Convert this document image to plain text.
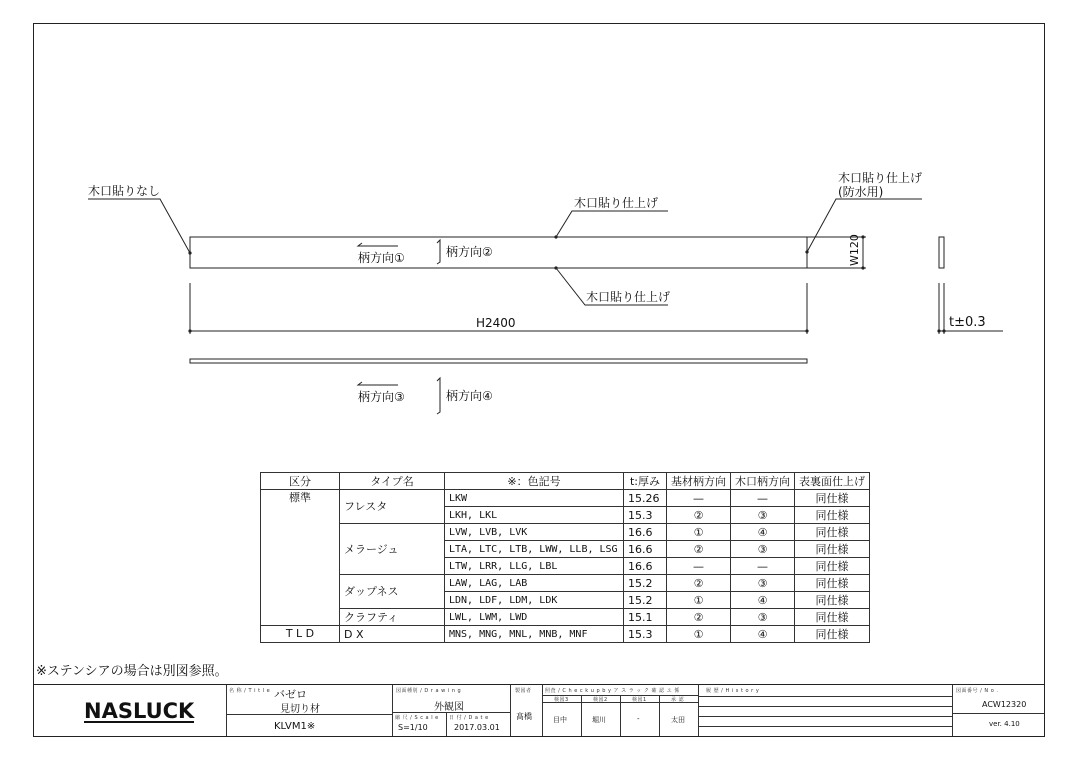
木口貼りなし
木口貼り仕上げ
木口貼り仕上げ
(防水用)
木口貼り仕上げ
柄方向①	柄方向②
柄方向③	柄方向④
H2400
W120
t±0.3
区分	タイプ名	※：色記号	t:厚み	基材柄方向	木口柄方向	表裏面仕上げ
標準	フレスタ	LKW	15.26	—	—	同仕様
		LKH, LKL	15.3	②	③	同仕様
	メラージュ	LVW, LVB, LVK	16.6	①	④	同仕様
		LTA, LTC, LTB, LWW, LLB, LSG	16.6	②	③	同仕様
		LTW, LRR, LLG, LBL	16.6	—	—	同仕様
	ダップネス	LAW, LAG, LAB	15.2	②	③	同仕様
		LDN, LDF, LDM, LDK	15.2	①	④	同仕様
	クラフティ	LWL, LWM, LWD	15.1	②	③	同仕様
T L D	D X	MNS, MNG, MNL, MNB, MNF	15.3	①	④	同仕様
※ステンシアの場合は別図参照。
NASLUCK
名 称 / T i t l e バゼロ
見切り材
KLVM1※
図面種別 / D r a w i n g
外観図
縮 尺 / S c a l e
S=1/10
日 付 / D a t e
2017.03.01
製図者
髙橋
照査 / C h e c k u p b y ア ス ラ ッ ク 確 認 ユ 係
検図3	検図2	検図1	承 認
目中	堀川	-	太田
履 歴 / H i s t o r y	図面番号 / N o .
ACW12320
ver. 4.10
